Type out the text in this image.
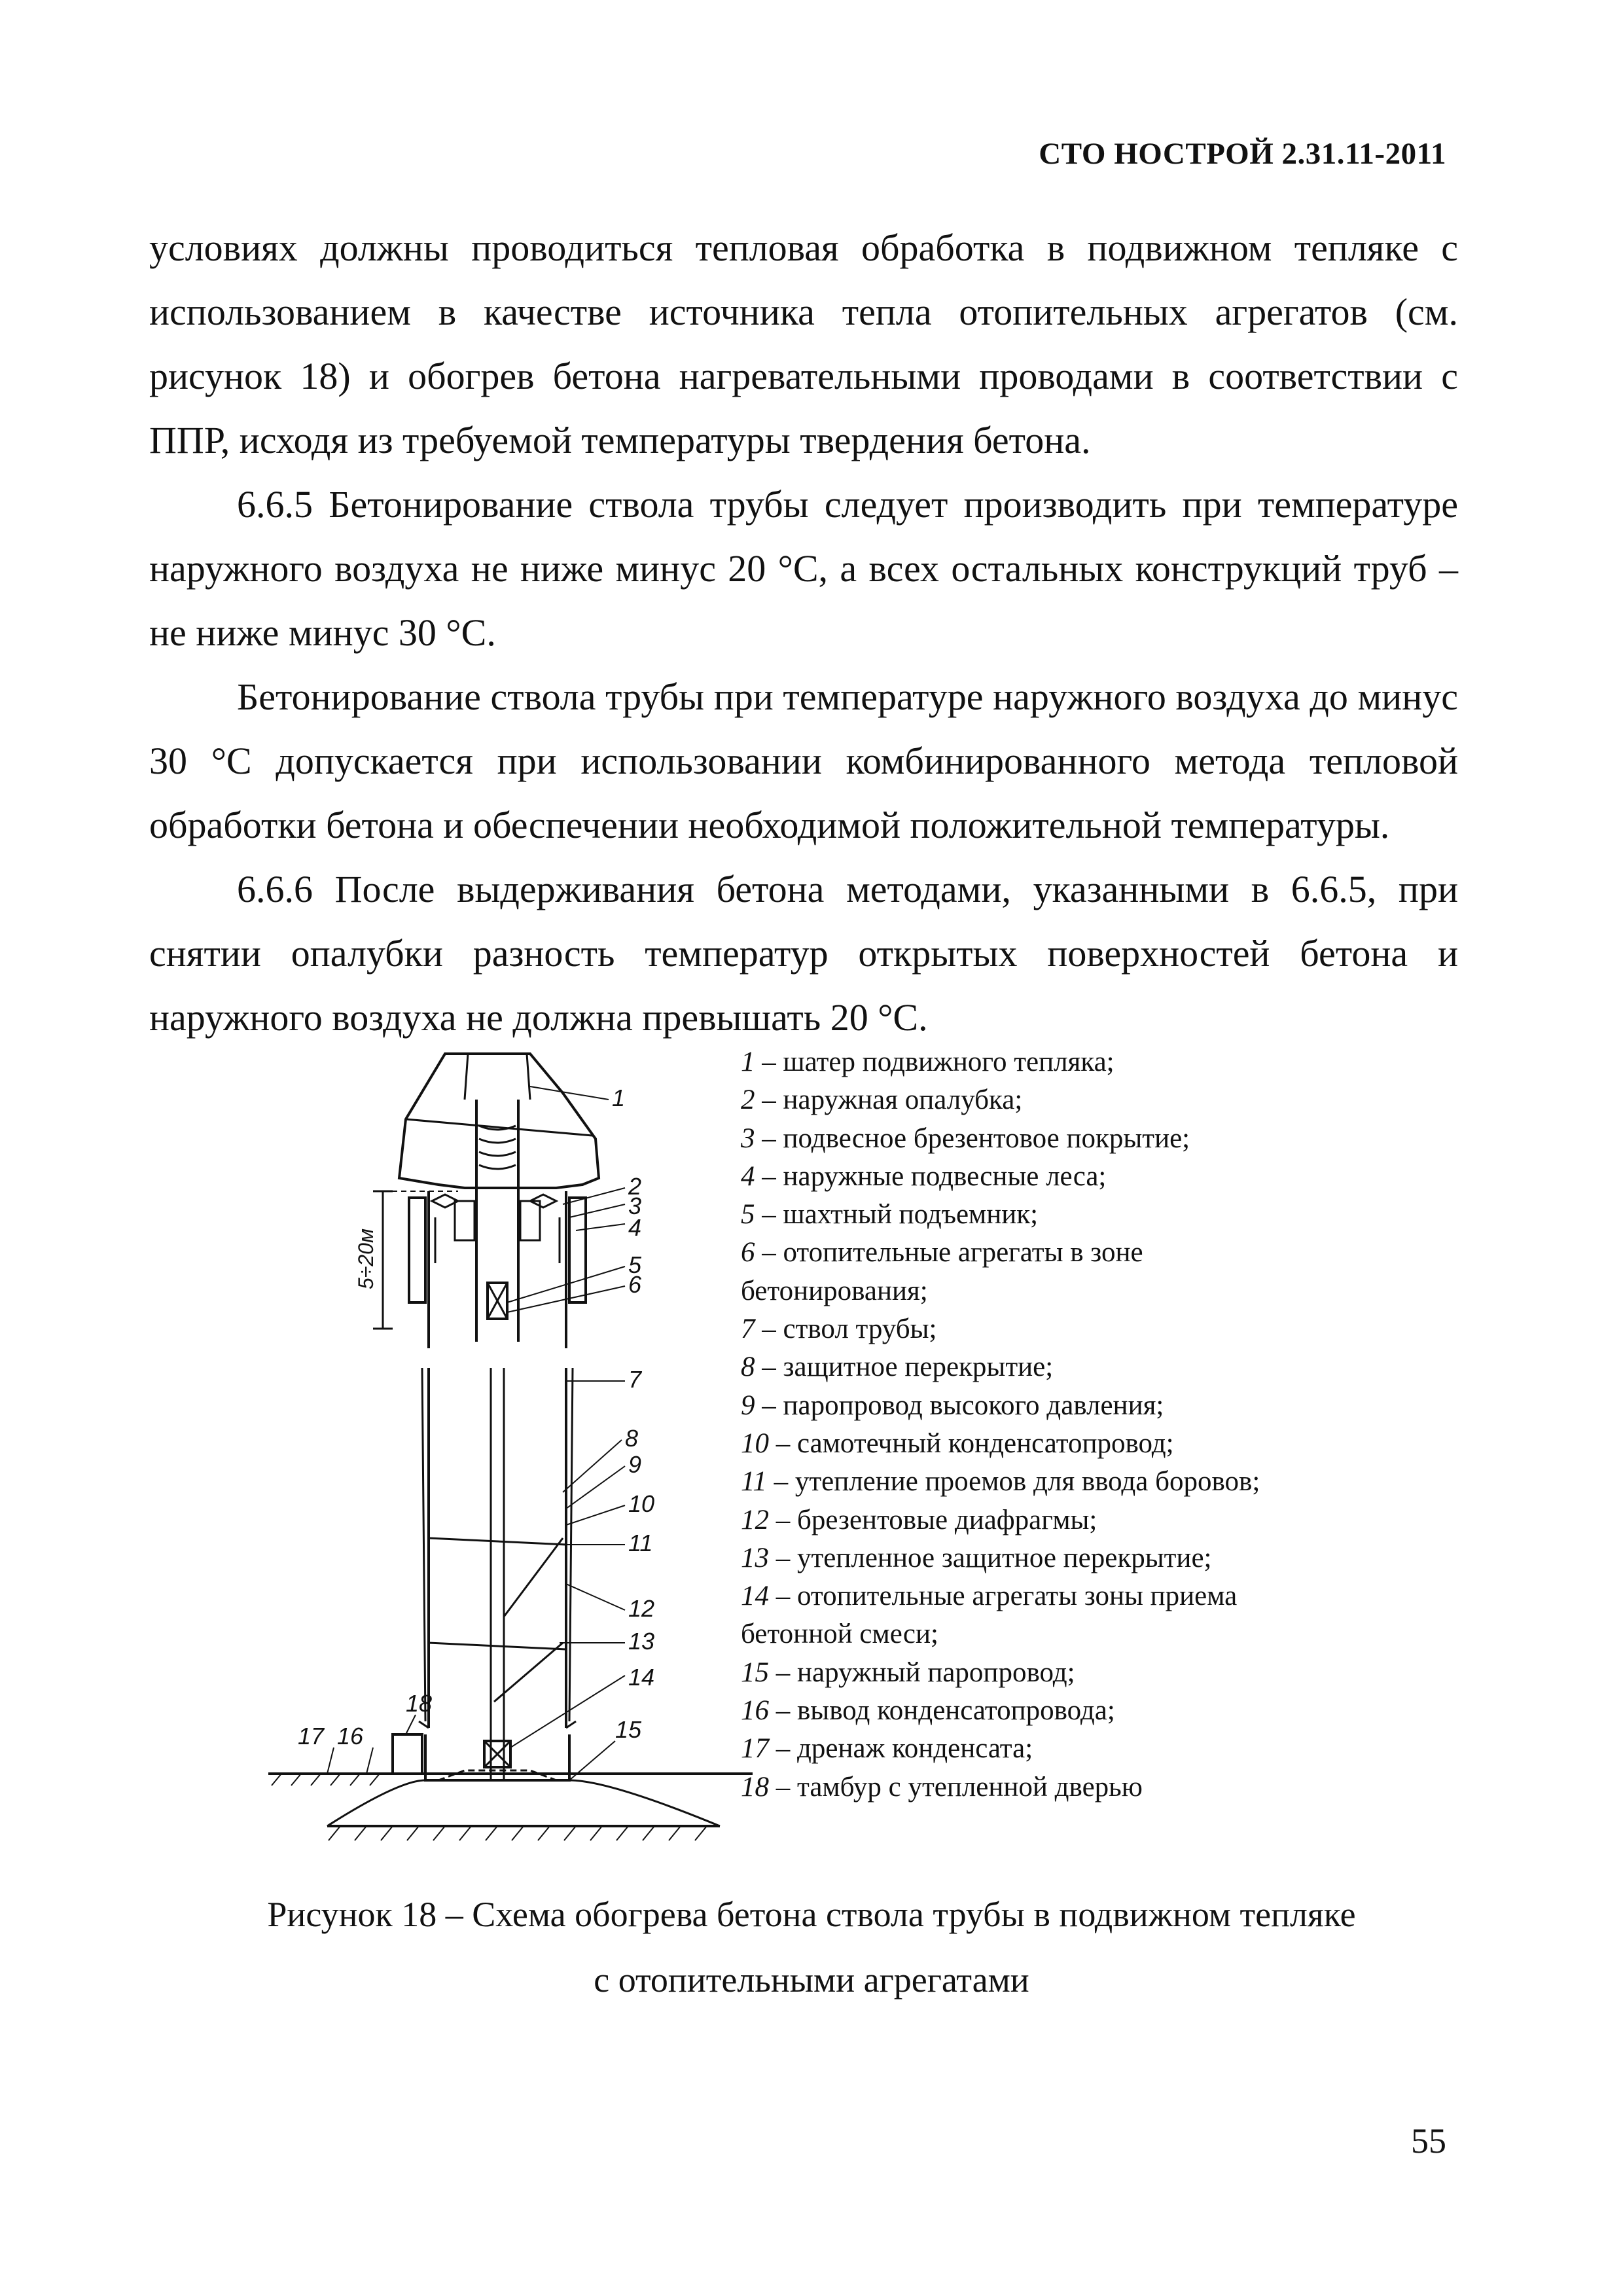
СТО НОСТРОЙ 2.31.11-2011

условиях должны проводиться тепловая обработка в подвижном тепляке с использованием в качестве источника тепла отопительных агрегатов (см. рисунок 18) и обогрев бетона нагревательными проводами в соответствии с ППР, исходя из требуемой температуры твердения бетона.

6.6.5 Бетонирование ствола трубы следует производить при температуре наружного воздуха не ниже минус 20 °С, а всех остальных конструкций труб – не ниже минус 30 °С.

Бетонирование ствола трубы при температуре наружного воздуха до минус 30 °С допускается при использовании комбинированного метода тепловой обработки бетона и обеспечении необходимой положительной температуры.

6.6.6 После выдерживания бетона методами, указанными в 6.6.5, при снятии опалубки разность температур открытых поверхностей бетона и наружного воздуха не должна превышать 20 °С.

5÷20м
1
2
3
4
5
6
7
8
9
10
11
12
13
14
15
16
17
18
1 – шатер подвижного тепляка;
2 – наружная опалубка;
3 – подвесное брезентовое покрытие;
4 – наружные подвесные леса;
5 – шахтный подъемник;
6 – отопительные агрегаты в зоне
бетонирования;
7 – ствол трубы;
8 – защитное перекрытие;
9 – паропровод высокого давления;
10 – самотечный конденсатопровод;
11 – утепление проемов для ввода боровов;
12 – брезентовые диафрагмы;
13 – утепленное защитное перекрытие;
14 – отопительные агрегаты зоны приема
бетонной смеси;
15 – наружный паропровод;
16 – вывод конденсатопровода;
17 – дренаж конденсата;
18 – тамбур с утепленной дверью
Рисунок 18 – Схема обогрева бетона ствола трубы в подвижном тепляке
с отопительными агрегатами
55
